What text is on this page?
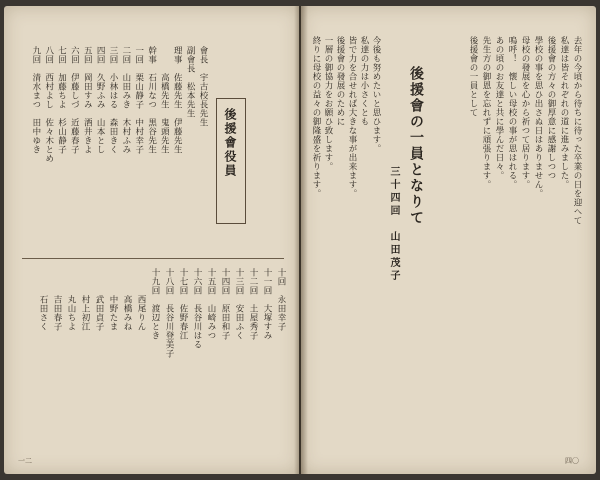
一二
後援會役員
會長　宇古校長先生
副會長　松本先生
理事　佐藤先生　伊藤先生
　　　高橋先生　鬼頭先生
幹事　石川なつ　黒谷先生
一回　栗山静子　中村幸子
二回　山田みき　木村ふみ
三回　小林はる　森田きく
四回　久野ふみ　山本とし
五回　岡田すみ　酒井きよ
六回　伊藤しづ　近藤春子
七回　加藤ちよ　杉山静子
八回　西村よし　佐々木とめ
九回　清水まつ　田中ゆき
十回　永田幸子
十一回　大塚すみ
十二回　土屋秀子
十三回　安田ふく
十四回　原田和子
十五回　山崎みつ
十六回　長谷川はる
十七回　佐野春江
十八回　長谷川登美子
十九回　渡辺とき
　　　西尾りん
　　　高橋みね
　　　中野たま
　　　武田貞子
　　　村上初江
　　　丸山ちよ
　　　吉田春子
　　　石田さく
四〇
後援會の一員となりて
三十四回　山田茂子	去年の今頃から待ちに待った卒業の日を迎へて
私達は皆それぞれの道に進みました。
後援會の方々の御厚意に感謝しつつ
學校の事を思ひ出さぬ日はありません。
母校の發展を心から祈つて居ります。
嗚呼！　懐しい母校の事が思はれる。
あの頃のお友達と共に學んだ日々。
先生方の御恩を忘れずに頑張ります。
後援會の一員として
今後も努めたいと思ひます。
私達の力は小さくとも
皆で力を合せれば大きな事が出来ます。
後援會の發展のために
一層の御協力をお願ひ致します。
終りに母校の益々の御隆盛を祈ります。
